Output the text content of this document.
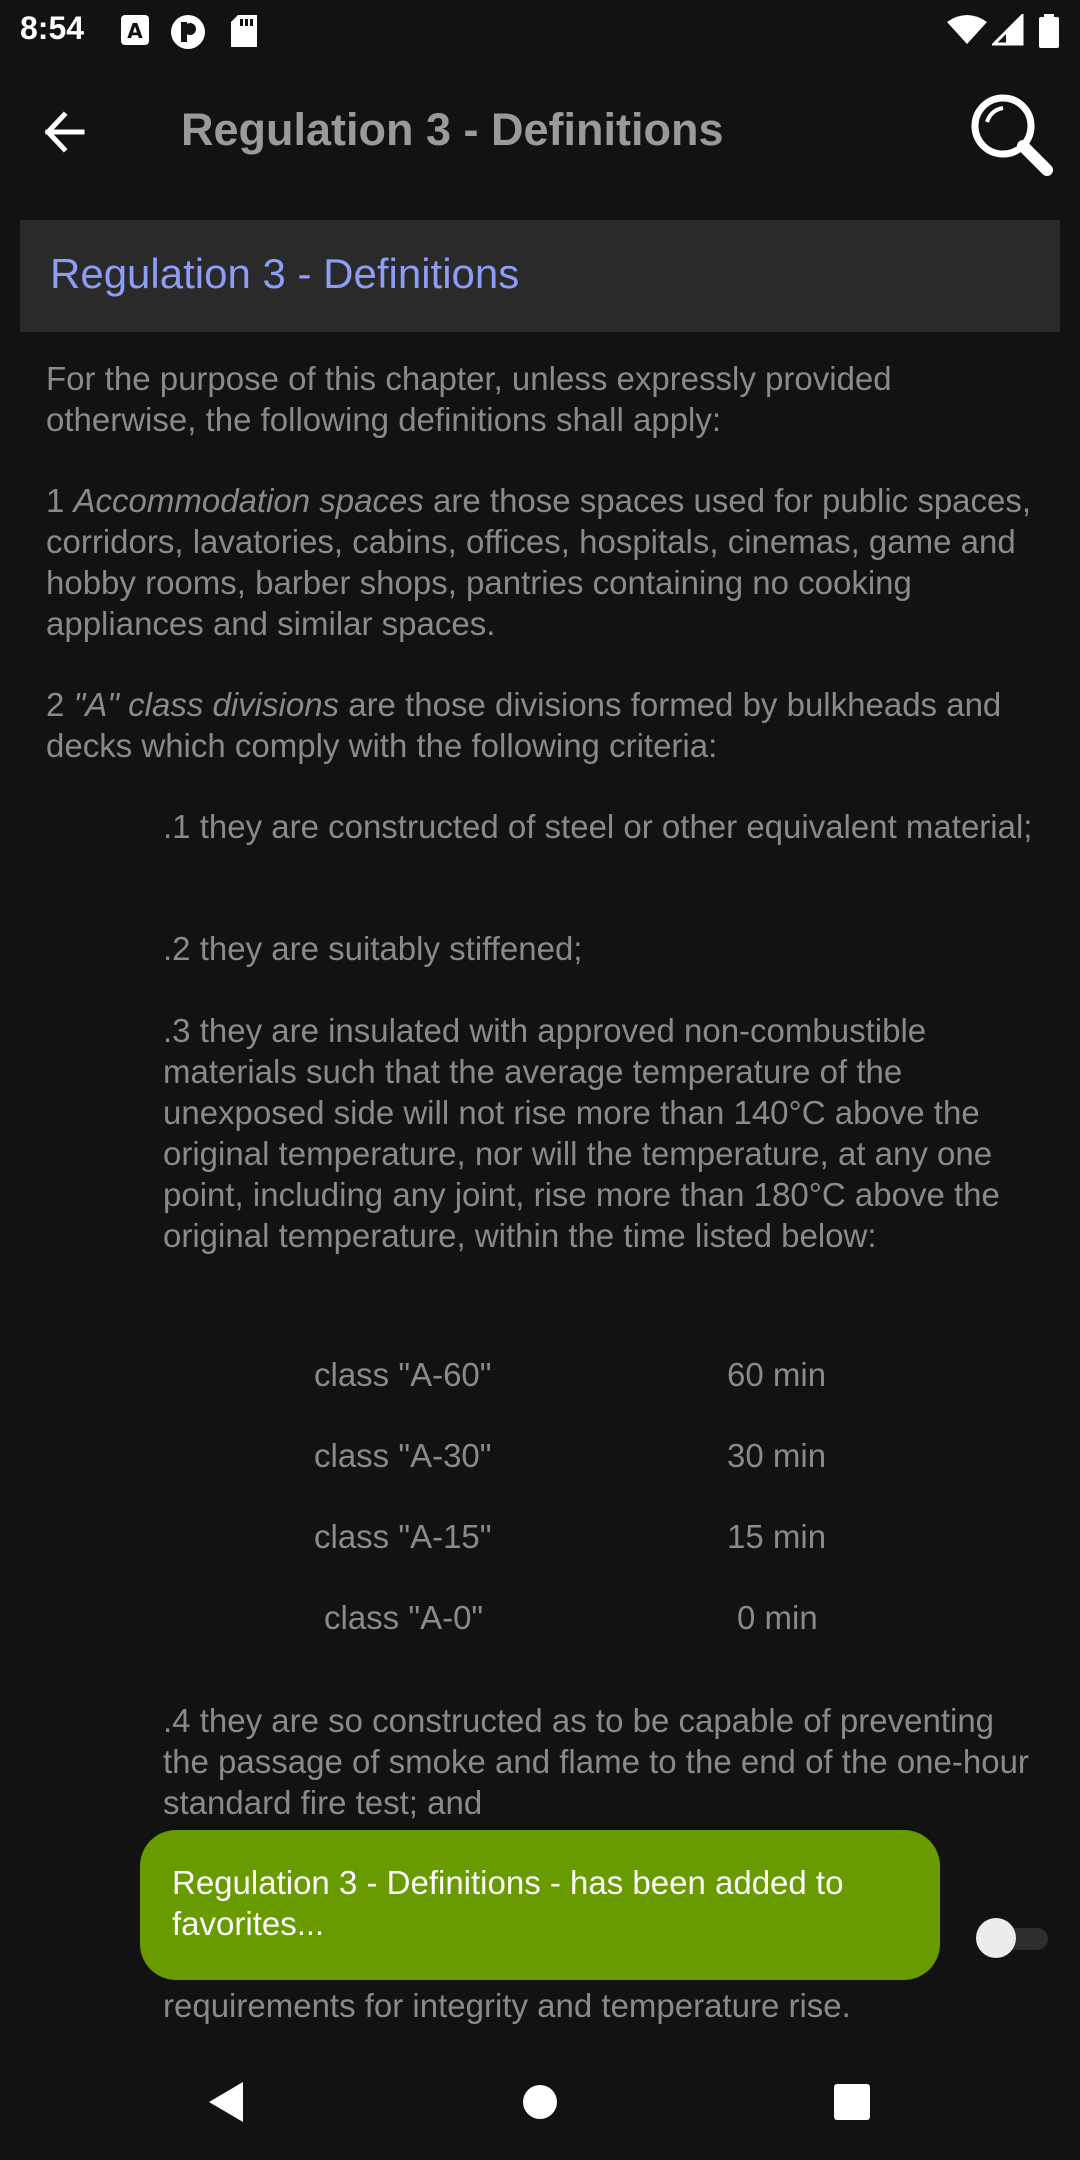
8:54 A
Regulation 3 - Definitions
Regulation 3 - Definitions

For the purpose of this chapter, unless expressly provided otherwise, the following definitions shall apply:

1 Accommodation spaces are those spaces used for public spaces, corridors, lavatories, cabins, offices, hospitals, cinemas, game and hobby rooms, barber shops, pantries containing no cooking appliances and similar spaces.

2 "A" class divisions are those divisions formed by bulkheads and decks which comply with the following criteria:

.1 they are constructed of steel or other equivalent material;

.2 they are suitably stiffened;

.3 they are insulated with approved non-combustible materials such that the average temperature of the unexposed side will not rise more than 140°C above the original temperature, nor will the temperature, at any one point, including any joint, rise more than 180°C above the original temperature, within the time listed below:

class "A-60"	60 min
class "A-30"	30 min
class "A-15"	15 min
class "A-0"	0 min

.4 they are so constructed as to be capable of preventing the passage of smoke and flame to the end of the one-hour standard fire test; and

requirements for integrity and temperature rise.

Regulation 3 - Definitions - has been added to favorites...
